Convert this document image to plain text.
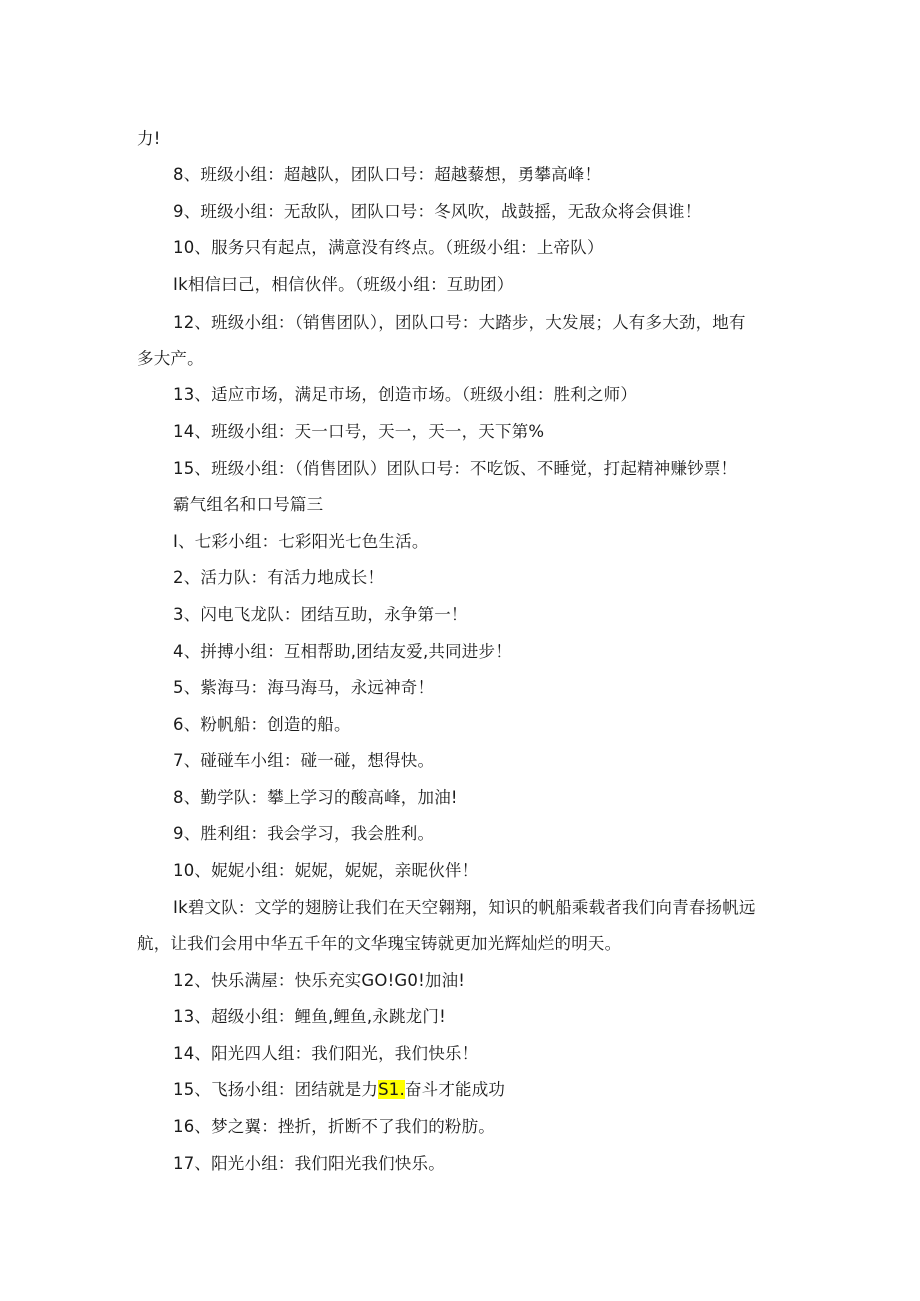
力!
8、班级小组：超越队，团队口号：超越藜想，勇攀高峰！
9、班级小组：无敌队，团队口号：冬风吹，战鼓摇，无敌众将会俱谁！
10、服务只有起点，满意没有终点。（班级小组：上帝队）
Ik相信曰己，相信伙伴。（班级小组：互助团）
12、班级小组：（销售团队），团队口号：大踏步，大发展；人有多大劲，地有
多大产。
13、适应市场，满足市场，创造市场。（班级小组：胜利之师）
14、班级小组：天一口号，天一，天一，天下第%
15、班级小组：（俏售团队）团队口号：不吃饭、不睡觉，打起精神赚钞票！
霸气组名和口号篇三
I、七彩小组：七彩阳光七色生活。
2、活力队：有活力地成长！
3、闪电飞龙队：团结互助，永争第一！
4、拼搏小组：互相帮助,团结友爱,共同进步！
5、紫海马：海马海马，永远神奇！
6、粉帆船：创造的船。
7、碰碰车小组：碰一碰，想得快。
8、勤学队：攀上学习的酸高峰，加油!
9、胜利组：我会学习，我会胜利。
10、妮妮小组：妮妮，妮妮，亲昵伙伴！
Ik碧文队：文学的翅膀让我们在天空翱翔，知识的帆船乘载者我们向青春扬帆远
航，让我们会用中华五千年的文华瑰宝铸就更加光辉灿烂的明天。
12、快乐满屋：快乐充实GO!G0!加油!
13、超级小组：鲤鱼,鲤鱼,永跳龙门!
14、阳光四人组：我们阳光，我们快乐！
15、飞扬小组：团结就是力S1.奋斗才能成功
16、梦之翼：挫折，折断不了我们的粉肪。
17、阳光小组：我们阳光我们快乐。
